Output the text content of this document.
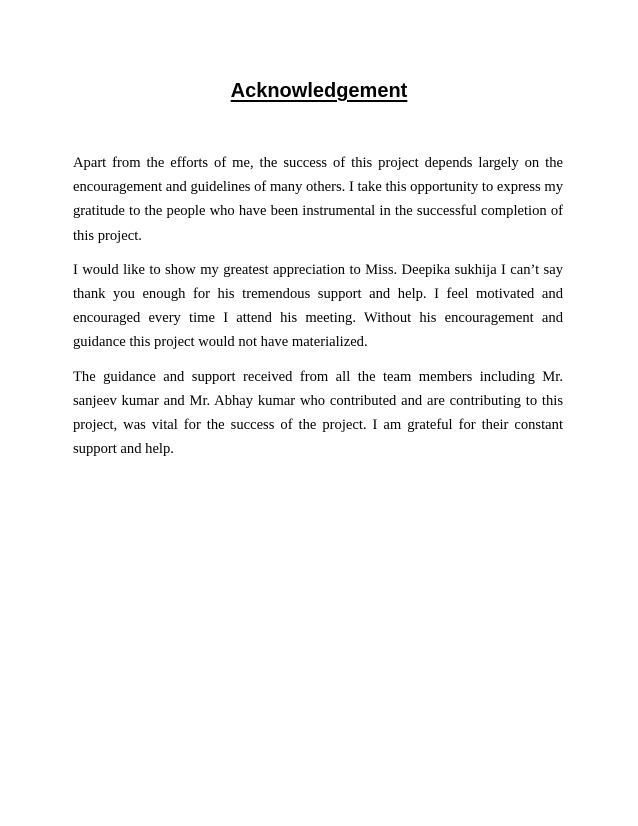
Acknowledgement

Apart from the efforts of me, the success of this project depends largely on the encouragement and guidelines of many others. I take this opportunity to express my gratitude to the people who have been instrumental in the successful completion of this project.

I would like to show my greatest appreciation to Miss. Deepika sukhija I can’t say thank you enough for his tremendous support and help. I feel motivated and encouraged every time I attend his meeting. Without his encouragement and guidance this project would not have materialized.

The guidance and support received from all the team members including Mr. sanjeev kumar and Mr. Abhay kumar who contributed and are contributing to this project, was vital for the success of the project. I am grateful for their constant support and help.
